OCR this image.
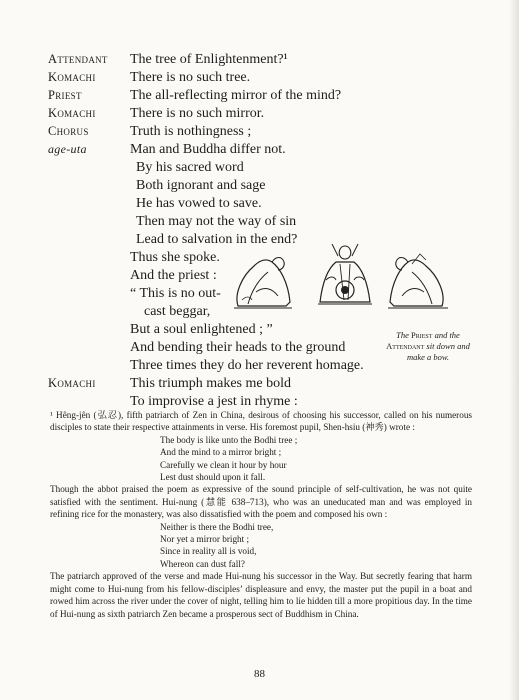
Attendant The tree of Enlightenment?¹
Komachi There is no such tree.
Priest	The all-reflecting mirror of the mind?
Komachi There is no such mirror.
Chorus	Truth is nothingness ;
age-uta	Man and Buddha differ not.
By his sacred word
Both ignorant and sage
He has vowed to save.
Then may not the way of sin
Lead to salvation in the end?
Thus she spoke.
And the priest :
“ This is no out-
cast beggar,
But a soul enlightened ; ”
And bending their heads to the ground
Three times they do her reverent homage.
Komachi This triumph makes me bold
To improvise a jest in rhyme :
The Priest and the Attendant sit down and make a bow.

¹ Hêng-jên (弘忍), fifth patriarch of Zen in China, desirous of choosing his successor, called on his numerous disciples to state their respective attainments in verse. His foremost pupil, Shen-hsiu (神秀) wrote :

The body is like unto the Bodhi tree ;
And the mind to a mirror bright ;
Carefully we clean it hour by hour
Lest dust should upon it fall.

Though the abbot praised the poem as expressive of the sound principle of self-cultivation, he was not quite satisfied with the sentiment. Hui-nung (慧能 638–713), who was an uneducated man and was employed in refining rice for the monastery, was also dissatisfied with the poem and composed his own :

Neither is there the Bodhi tree,
Nor yet a mirror bright ;
Since in reality all is void,
Whereon can dust fall?

The patriarch approved of the verse and made Hui-nung his successor in the Way. But secretly fearing that harm might come to Hui-nung from his fellow-disciples’ displeasure and envy, the master put the pupil in a boat and rowed him across the river under the cover of night, telling him to lie hidden till a more propitious day. In the time of Hui-nung as sixth patriarch Zen became a prosperous sect of Buddhism in China.

88
